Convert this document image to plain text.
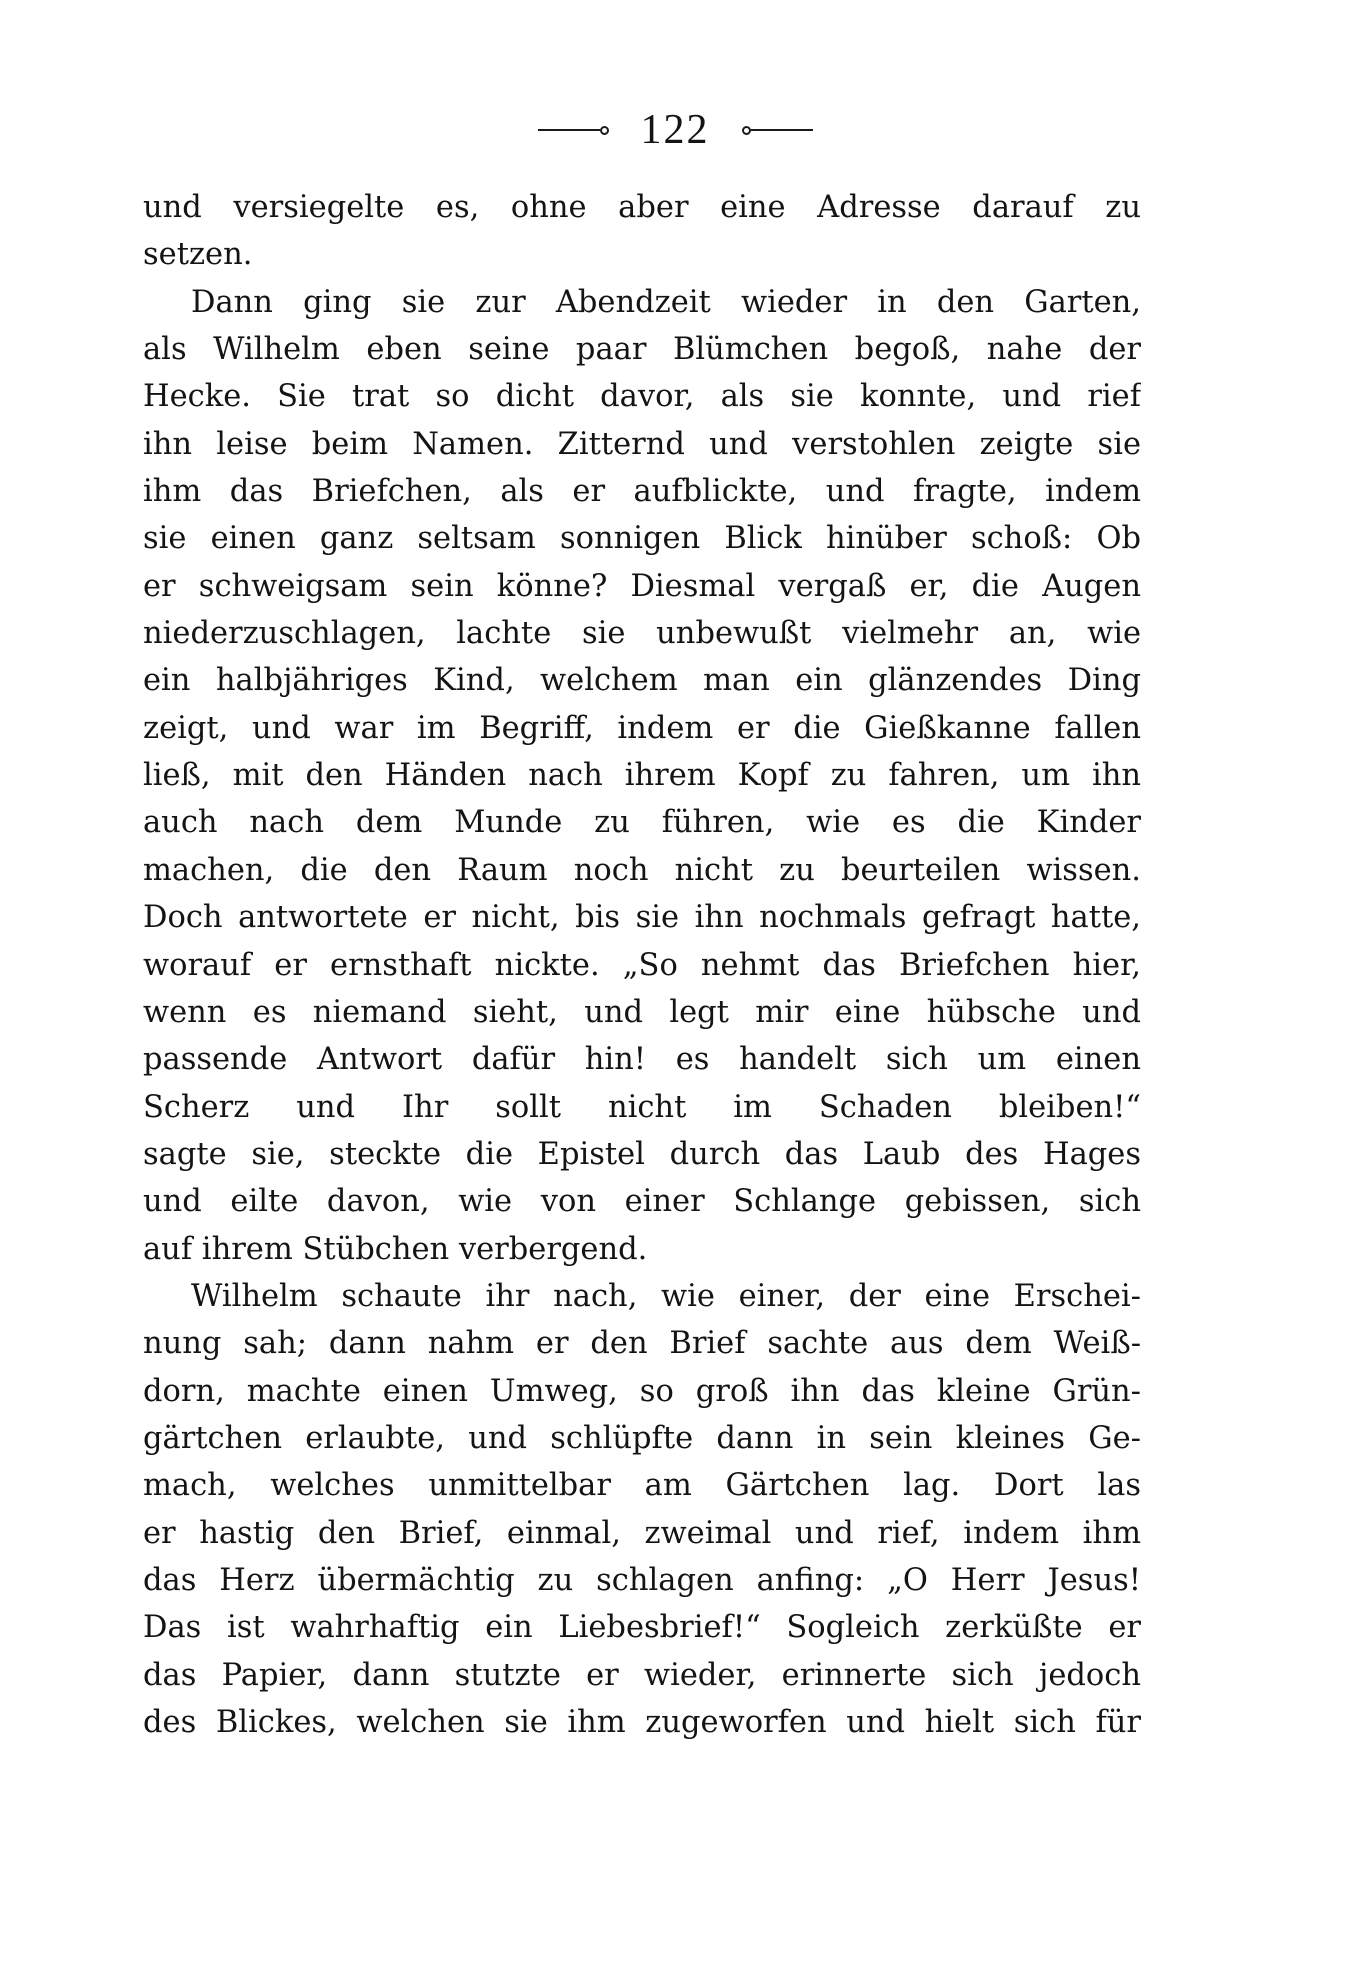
122
und versiegelte es, ohne aber eine Adresse darauf zu
setzen.
Dann ging sie zur Abendzeit wieder in den Garten,
als Wilhelm eben seine paar Blümchen begoß, nahe der
Hecke. Sie trat so dicht davor, als sie konnte, und rief
ihn leise beim Namen. Zitternd und verstohlen zeigte sie
ihm das Briefchen, als er aufblickte, und fragte, indem
sie einen ganz seltsam sonnigen Blick hinüber schoß: Ob
er schweigsam sein könne? Diesmal vergaß er, die Augen
niederzuschlagen, lachte sie unbewußt vielmehr an, wie
ein halbjähriges Kind, welchem man ein glänzendes Ding
zeigt, und war im Begriff, indem er die Gießkanne fallen
ließ, mit den Händen nach ihrem Kopf zu fahren, um ihn
auch nach dem Munde zu führen, wie es die Kinder
machen, die den Raum noch nicht zu beurteilen wissen.
Doch antwortete er nicht, bis sie ihn nochmals gefragt hatte,
worauf er ernsthaft nickte. „So nehmt das Briefchen hier,
wenn es niemand sieht, und legt mir eine hübsche und
passende Antwort dafür hin! es handelt sich um einen
Scherz und Ihr sollt nicht im Schaden bleiben!“
sagte sie, steckte die Epistel durch das Laub des Hages
und eilte davon, wie von einer Schlange gebissen, sich
auf ihrem Stübchen verbergend.
Wilhelm schaute ihr nach, wie einer, der eine Erschei-
nung sah; dann nahm er den Brief sachte aus dem Weiß-
dorn, machte einen Umweg, so groß ihn das kleine Grün-
gärtchen erlaubte, und schlüpfte dann in sein kleines Ge-
mach, welches unmittelbar am Gärtchen lag. Dort las
er hastig den Brief, einmal, zweimal und rief, indem ihm
das Herz übermächtig zu schlagen anfing: „O Herr Jesus!
Das ist wahrhaftig ein Liebesbrief!“ Sogleich zerküßte er
das Papier, dann stutzte er wieder, erinnerte sich jedoch
des Blickes, welchen sie ihm zugeworfen und hielt sich für
